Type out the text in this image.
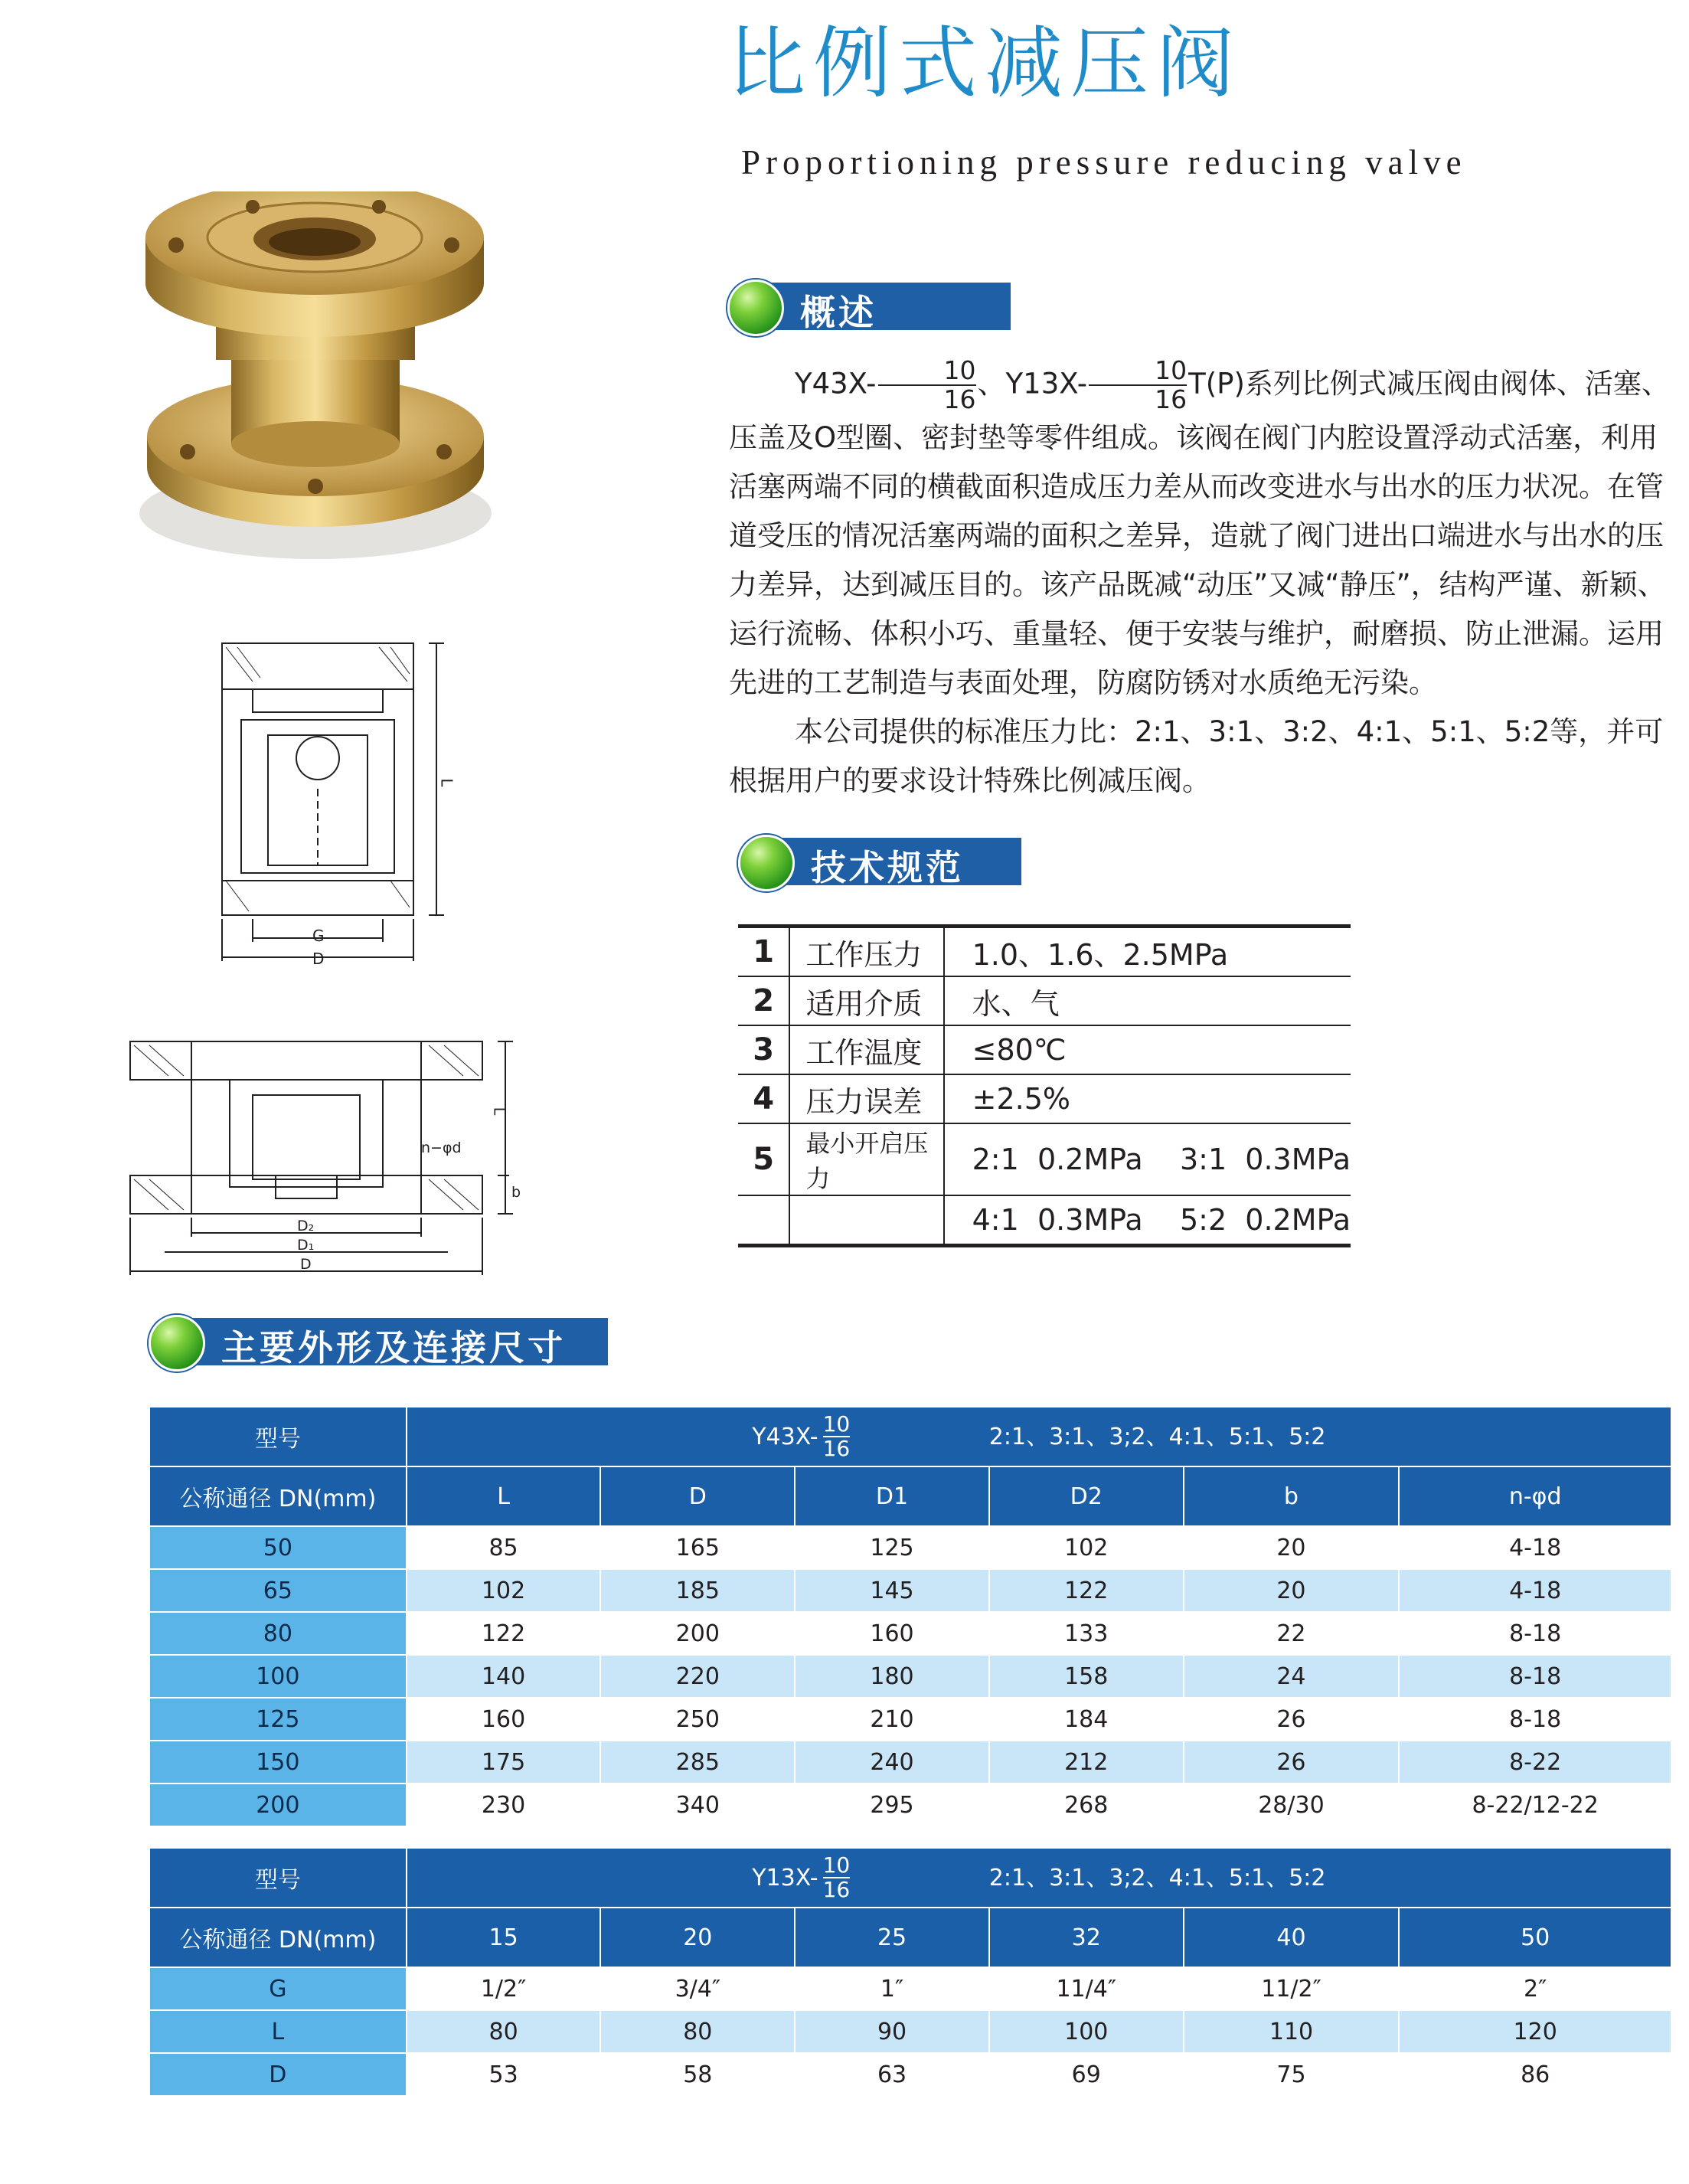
比例式减压阀
Proportioning pressure reducing valve
G
D
L
n−φd
D₂
D₁
D
L
b
概述

$Y43X- \frac{10}{16}$ 、$Y13X- \frac{10}{16} T(P)$系列比例式减压阀由阀体、活塞、压盖及O型圈、密封垫等零件组成。该阀在阀门内腔设置浮动式活塞，利用活塞两端不同的横截面积造成压力差从而改变进水与出水的压力状况。在管道受压的情况活塞两端的面积之差异，造就了阀门进出口端进水与出水的压力差异，达到减压目的。该产品既减“动压”又减“静压”，结构严谨、新颖、运行流畅、体积小巧、重量轻、便于安装与维护，耐磨损、防止泄漏。运用先进的工艺制造与表面处理，防腐防锈对水质绝无污染。

本公司提供的标准压力比：2:1、3:1、3:2、4:1、5:1、5:2等，并可根据用户的要求设计特殊比例减压阀。

技术规范
1	工作压力	1.0、1.6、2.5MPa
2	适用介质	水、气
3	工作温度	≤80℃
4	压力误差	±2.5%
5	最小开启压力	2:1  0.2MPa    3:1  0.3MPa
		4:1  0.3MPa    5:2  0.2MPa
主要外形及连接尺寸
型号	$Y43X- \frac{10}{16}$ 2:1、3:1、3;2、4:1、5:1、5:2					
公称通径 DN(mm)	L	D	D1	D2	b	n-φd
50	85	165	125	102	20	4-18
65	102	185	145	122	20	4-18
80	122	200	160	133	22	8-18
100	140	220	180	158	24	8-18
125	160	250	210	184	26	8-18
150	175	285	240	212	26	8-22
200	230	340	295	268	28/30	8-22/12-22
型号	$Y13X- \frac{10}{16}$ 2:1、3:1、3;2、4:1、5:1、5:2					
公称通径 DN(mm)	15	20	25	32	40	50
G	1/2″	3/4″	1″	11/4″	11/2″	2″
L	80	80	90	100	110	120
D	53	58	63	69	75	86
